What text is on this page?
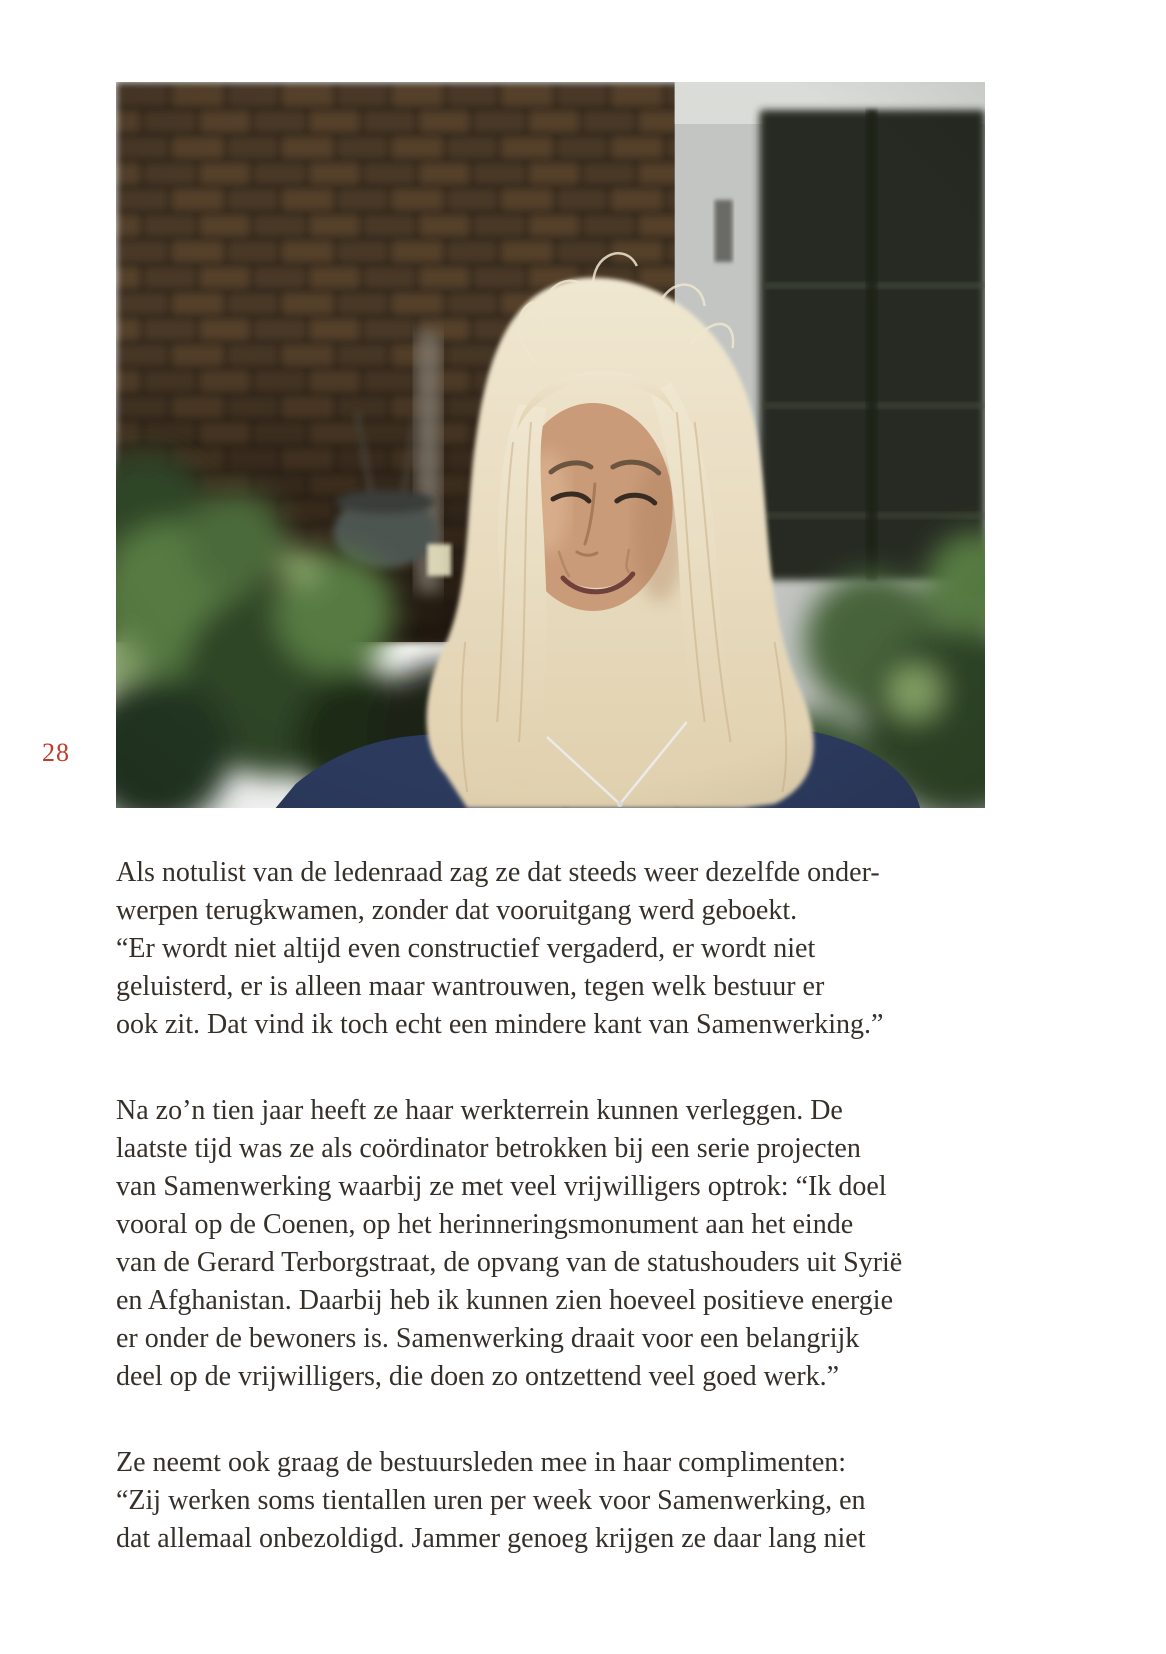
28

Als notulist van de ledenraad zag ze dat steeds weer dezelfde onder-
werpen terugkwamen, zonder dat vooruitgang werd geboekt.
“Er wordt niet altijd even constructief vergaderd, er wordt niet
geluisterd, er is alleen maar wantrouwen, tegen welk bestuur er
ook zit. Dat vind ik toch echt een mindere kant van Samenwerking.”

Na zo’n tien jaar heeft ze haar werkterrein kunnen verleggen. De
laatste tijd was ze als coördinator betrokken bij een serie projecten
van Samenwerking waarbij ze met veel vrijwilligers optrok: “Ik doel
vooral op de Coenen, op het herinneringsmonument aan het einde
van de Gerard Terborgstraat, de opvang van de statushouders uit Syrië
en Afghanistan. Daarbij heb ik kunnen zien hoeveel positieve energie
er onder de bewoners is. Samenwerking draait voor een belangrijk
deel op de vrijwilligers, die doen zo ontzettend veel goed werk.”

Ze neemt ook graag de bestuursleden mee in haar complimenten:
“Zij werken soms tientallen uren per week voor Samenwerking, en
dat allemaal onbezoldigd. Jammer genoeg krijgen ze daar lang niet
